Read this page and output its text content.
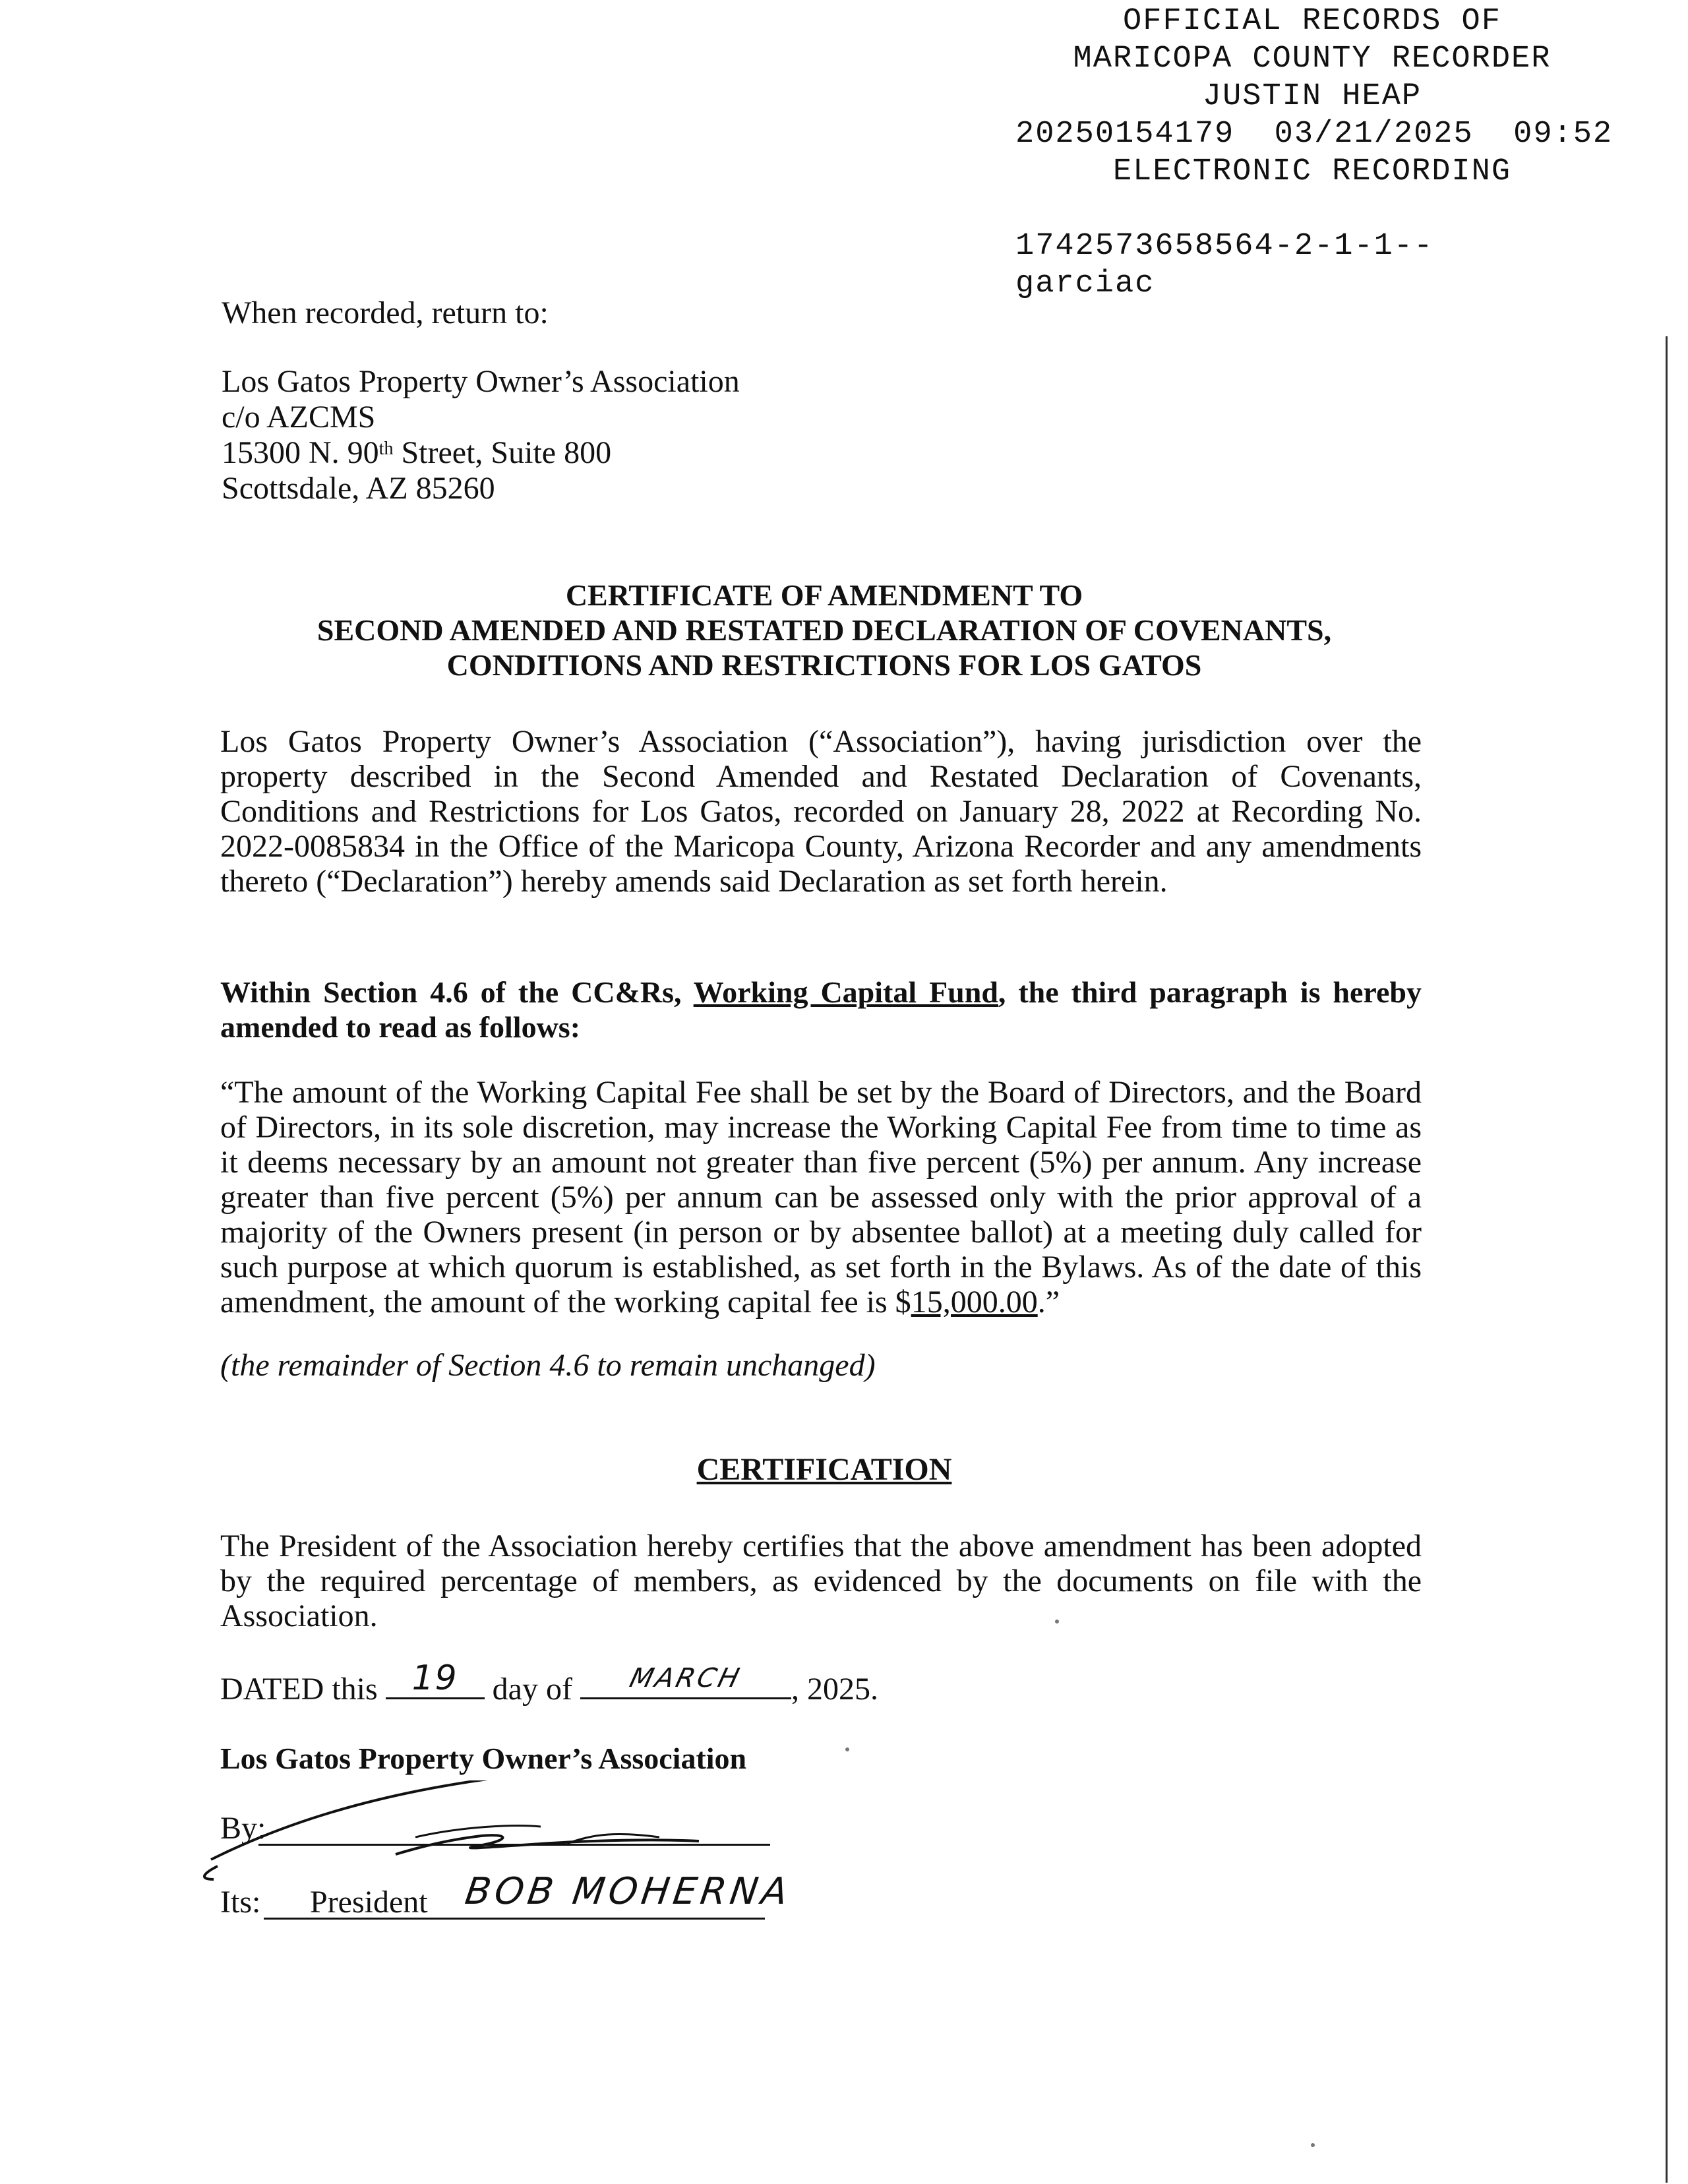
OFFICIAL RECORDS OF
MARICOPA COUNTY RECORDER
JUSTIN HEAP
20250154179  03/21/2025  09:52
ELECTRONIC RECORDING
1742573658564-2-1-1--
garciac
When recorded, return to:
Los Gatos Property Owner’s Association
c/o AZCMS
15300 N. 90th Street, Suite 800
Scottsdale, AZ 85260
CERTIFICATE OF AMENDMENT TO
SECOND AMENDED AND RESTATED DECLARATION OF COVENANTS,
CONDITIONS AND RESTRICTIONS FOR LOS GATOS
Los Gatos Property Owner’s Association (“Association”), having jurisdiction over the property described in the Second Amended and Restated Declaration of Covenants, Conditions and Restrictions for Los Gatos, recorded on January 28, 2022 at Recording No. 2022-0085834 in the Office of the Maricopa County, Arizona Recorder and any amendments thereto (“Declaration”) hereby amends said Declaration as set forth herein.
Within Section 4.6 of the CC&Rs, Working Capital Fund, the third paragraph is hereby amended to read as follows:
“The amount of the Working Capital Fee shall be set by the Board of Directors, and the Board of Directors, in its sole discretion, may increase the Working Capital Fee from time to time as it deems necessary by an amount not greater than five percent (5%) per annum. Any increase greater than five percent (5%) per annum can be assessed only with the prior approval of a majority of the Owners present (in person or by absentee ballot) at a meeting duly called for such purpose at which quorum is established, as set forth in the Bylaws. As of the date of this amendment, the amount of the working capital fee is $15,000.00.”
(the remainder of Section 4.6 to remain unchanged)
CERTIFICATION
The President of the Association hereby certifies that the above amendment has been adopted by the required percentage of members, as evidenced by the documents on file with the Association.
DATED this 19	day of	MARCH	, 2025.
Los Gatos Property Owner’s Association
By:
Its: President BOB MOHERNA
